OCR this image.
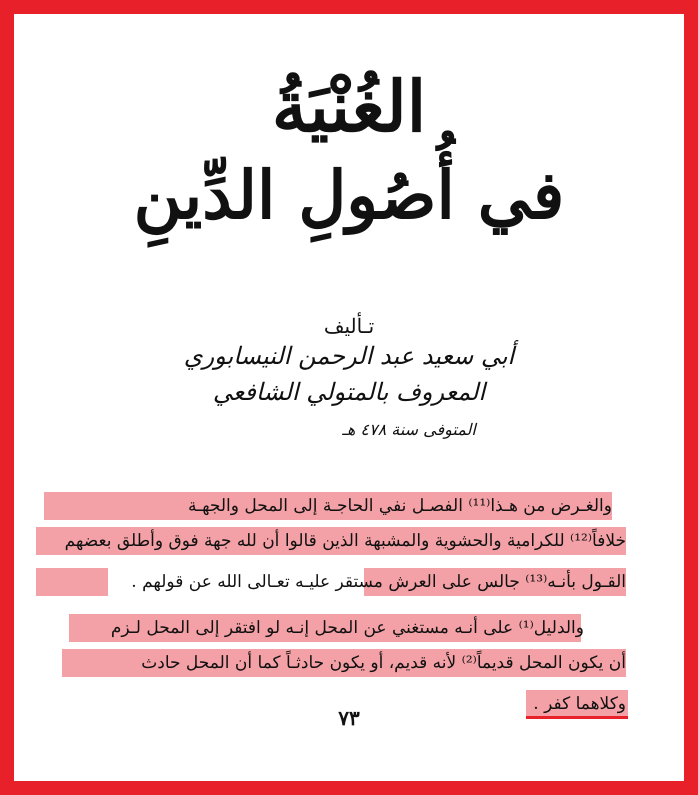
الغُنْيَةُ
في أُصُولِ الدِّينِ
تـأليف
أبي سعيد عبد الرحمن النيسابوري
المعروف بالمتولي الشافعي
المتوفى سنة ٤٧٨ هـ
والغـرض من هـذا⁽¹¹⁾ الفصـل نفي الحاجـة إلى المحل والجهـة
خلافاً⁽¹²⁾ للكرامية والحشوية والمشبهة الذين قالوا أن لله جهة فوق وأطلق بعضهم
القـول بأنـه⁽¹³⁾ جالس على العرش مستقر عليـه تعـالى الله عن قولهم .
والدليل⁽¹⁾ على أنـه مستغني عن المحل إنـه لو افتقر إلى المحل لـزم
أن يكون المحل قديماً⁽²⁾ لأنه قديم، أو يكون حادثـاً كما أن المحل حادث
وكلاهما كفر .
٧٣
